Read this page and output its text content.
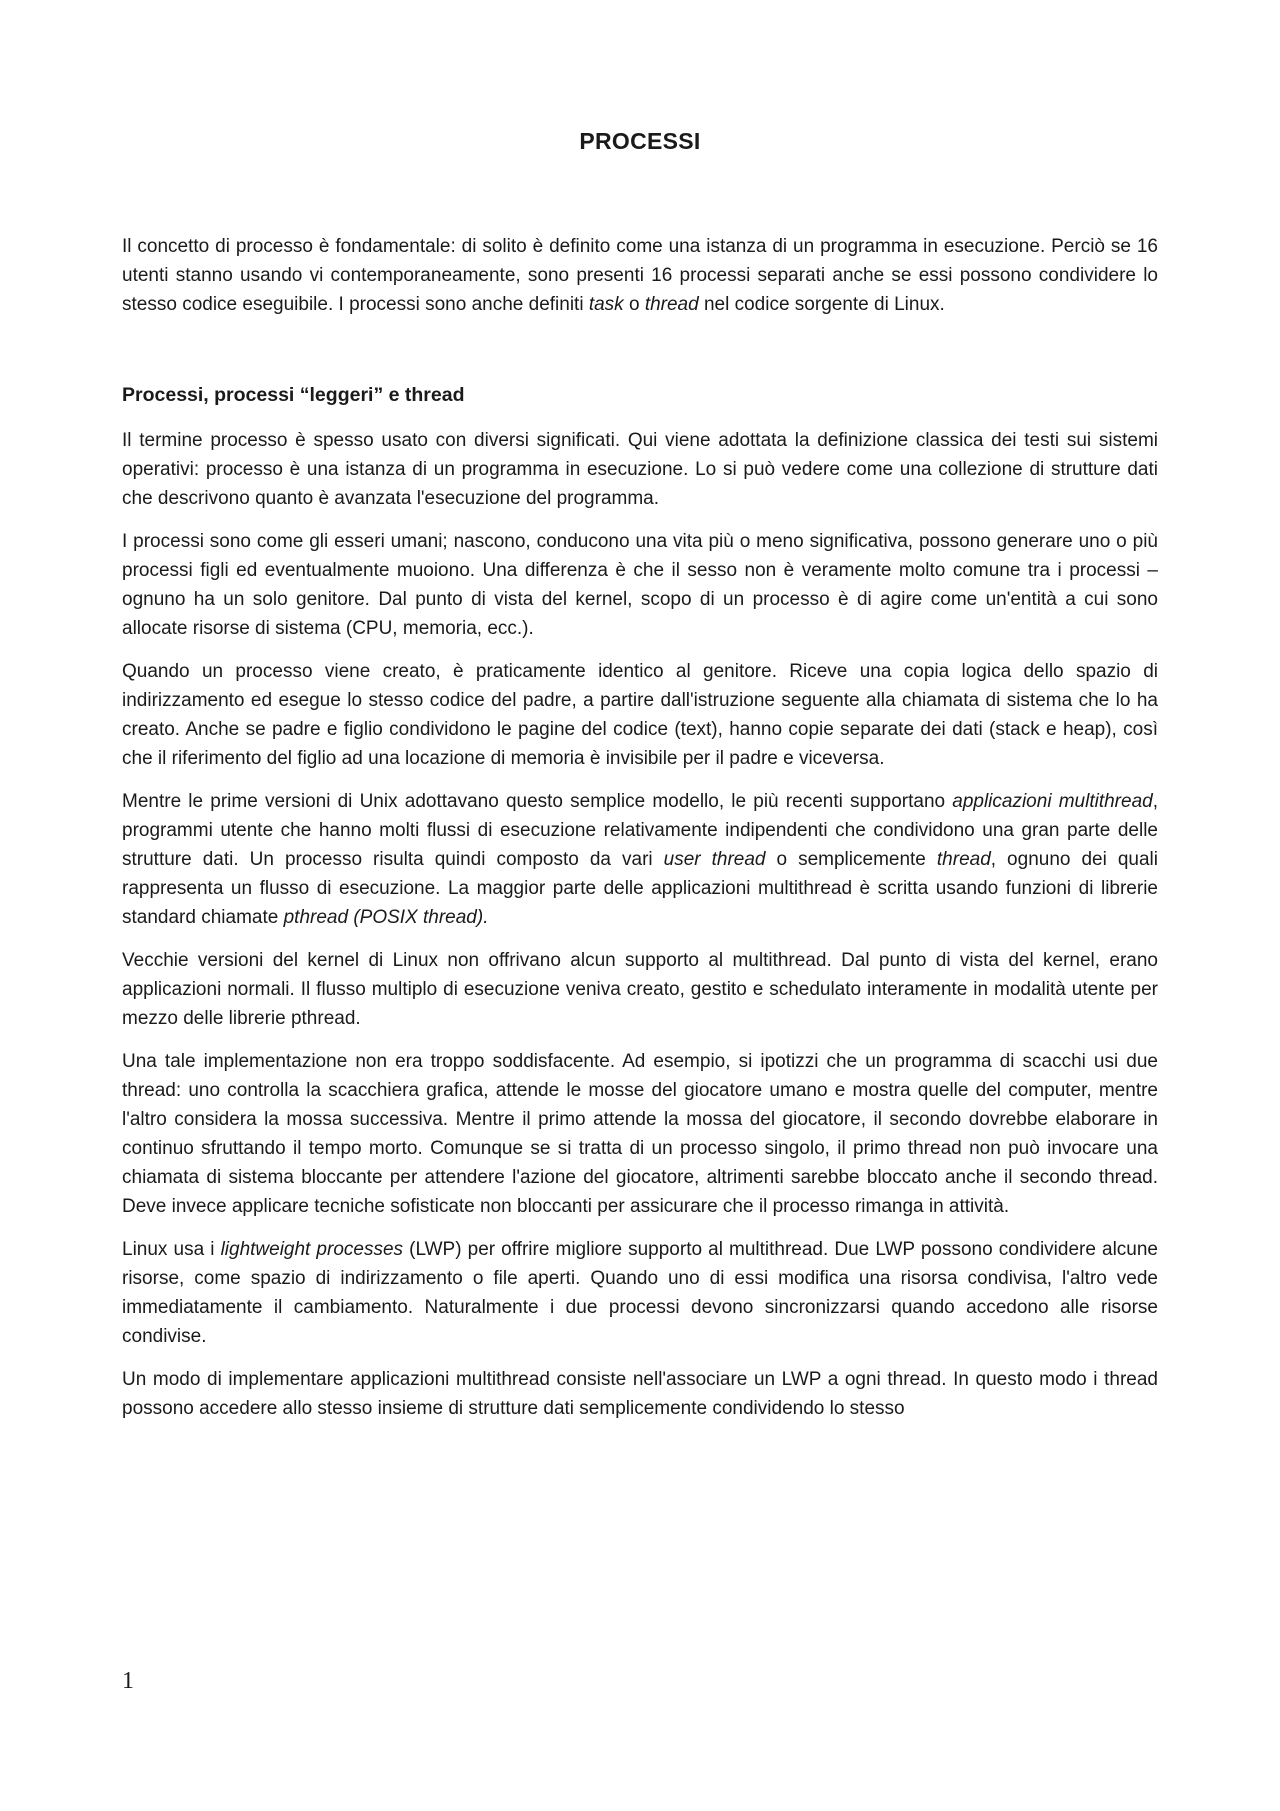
PROCESSI

Il concetto di processo è fondamentale: di solito è definito come una istanza di un programma in esecuzione. Perciò se 16 utenti stanno usando vi contemporaneamente, sono presenti 16 processi separati anche se essi possono condividere lo stesso codice eseguibile. I processi sono anche definiti task o thread nel codice sorgente di Linux.

Processi, processi “leggeri” e thread

Il termine processo è spesso usato con diversi significati. Qui viene adottata la definizione classica dei testi sui sistemi operativi: processo è una istanza di un programma in esecuzione. Lo si può vedere come una collezione di strutture dati che descrivono quanto è avanzata l'esecuzione del programma.

I processi sono come gli esseri umani; nascono, conducono una vita più o meno significativa, possono generare uno o più processi figli ed eventualmente muoiono. Una differenza è che il sesso non è veramente molto comune tra i processi – ognuno ha un solo genitore. Dal punto di vista del kernel, scopo di un processo è di agire come un'entità a cui sono allocate risorse di sistema (CPU, memoria, ecc.).

Quando un processo viene creato, è praticamente identico al genitore. Riceve una copia logica dello spazio di indirizzamento ed esegue lo stesso codice del padre, a partire dall'istruzione seguente alla chiamata di sistema che lo ha creato. Anche se padre e figlio condividono le pagine del codice (text), hanno copie separate dei dati (stack e heap), così che il riferimento del figlio ad una locazione di memoria è invisibile per il padre e viceversa.

Mentre le prime versioni di Unix adottavano questo semplice modello, le più recenti supportano applicazioni multithread, programmi utente che hanno molti flussi di esecuzione relativamente indipendenti che condividono una gran parte delle strutture dati. Un processo risulta quindi composto da vari user thread o semplicemente thread, ognuno dei quali rappresenta un flusso di esecuzione. La maggior parte delle applicazioni multithread è scritta usando funzioni di librerie standard chiamate pthread (POSIX thread).

Vecchie versioni del kernel di Linux non offrivano alcun supporto al multithread. Dal punto di vista del kernel, erano applicazioni normali. Il flusso multiplo di esecuzione veniva creato, gestito e schedulato interamente in modalità utente per mezzo delle librerie pthread.

Una tale implementazione non era troppo soddisfacente. Ad esempio, si ipotizzi che un programma di scacchi usi due thread: uno controlla la scacchiera grafica, attende le mosse del giocatore umano e mostra quelle del computer, mentre l'altro considera la mossa successiva. Mentre il primo attende la mossa del giocatore, il secondo dovrebbe elaborare in continuo sfruttando il tempo morto. Comunque se si tratta di un processo singolo, il primo thread non può invocare una chiamata di sistema bloccante per attendere l'azione del giocatore, altrimenti sarebbe bloccato anche il secondo thread. Deve invece applicare tecniche sofisticate non bloccanti per assicurare che il processo rimanga in attività.

Linux usa i lightweight processes (LWP) per offrire migliore supporto al multithread. Due LWP possono condividere alcune risorse, come spazio di indirizzamento o file aperti. Quando uno di essi modifica una risorsa condivisa, l'altro vede immediatamente il cambiamento. Naturalmente i due processi devono sincronizzarsi quando accedono alle risorse condivise.

Un modo di implementare applicazioni multithread consiste nell'associare un LWP a ogni thread. In questo modo i thread possono accedere allo stesso insieme di strutture dati semplicemente condividendo lo stesso

1
